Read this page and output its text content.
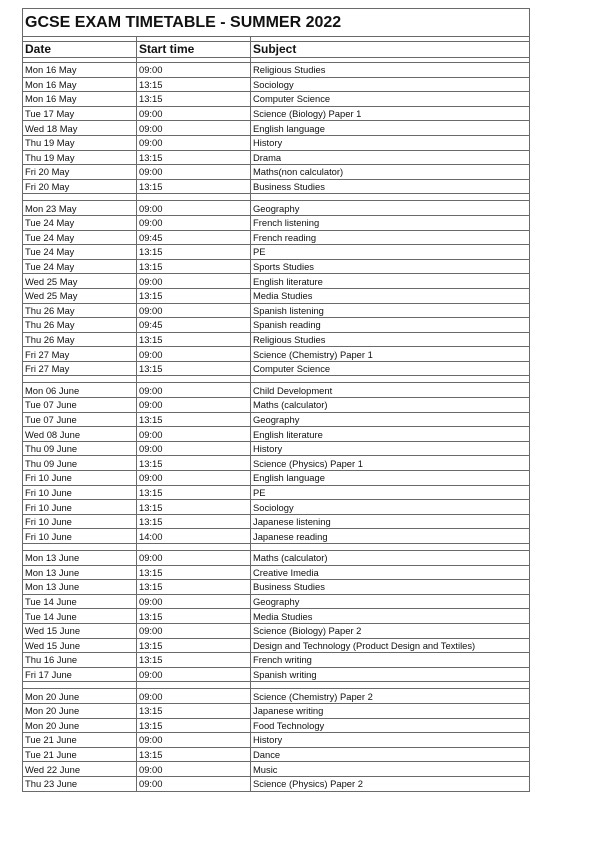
GCSE EXAM TIMETABLE - SUMMER 2022		

Date	Start time	Subject

Mon 16 May	09:00	Religious Studies
Mon 16 May	13:15	Sociology
Mon 16 May	13:15	Computer Science
Tue 17 May	09:00	Science (Biology) Paper 1
Wed 18 May	09:00	English language
Thu 19 May	09:00	History
Thu 19 May	13:15	Drama
Fri 20 May	09:00	Maths(non calculator)
Fri 20 May	13:15	Business Studies

Mon 23 May	09:00	Geography
Tue 24 May	09:00	French listening
Tue 24 May	09:45	French reading
Tue 24 May	13:15	PE
Tue 24 May	13:15	Sports Studies
Wed 25 May	09:00	English literature
Wed 25 May	13:15	Media Studies
Thu 26 May	09:00	Spanish listening
Thu 26 May	09:45	Spanish reading
Thu 26 May	13:15	Religious Studies
Fri 27 May	09:00	Science (Chemistry) Paper 1
Fri 27 May	13:15	Computer Science

Mon 06 June	09:00	Child Development
Tue 07 June	09:00	Maths (calculator)
Tue 07 June	13:15	Geography
Wed 08 June	09:00	English literature
Thu 09 June	09:00	History
Thu 09 June	13:15	Science (Physics) Paper 1
Fri 10 June	09:00	English language
Fri 10 June	13:15	PE
Fri 10 June	13:15	Sociology
Fri 10 June	13:15	Japanese listening
Fri 10 June	14:00	Japanese reading

Mon 13 June	09:00	Maths (calculator)
Mon 13 June	13:15	Creative Imedia
Mon 13 June	13:15	Business Studies
Tue 14 June	09:00	Geography
Tue 14 June	13:15	Media Studies
Wed 15 June	09:00	Science (Biology) Paper 2
Wed 15 June	13:15	Design and Technology (Product Design and Textiles)
Thu 16 June	13:15	French writing
Fri 17 June	09:00	Spanish writing

Mon 20 June	09:00	Science (Chemistry) Paper 2
Mon 20 June	13:15	Japanese writing
Mon 20 June	13:15	Food Technology
Tue 21 June	09:00	History
Tue 21 June	13:15	Dance
Wed 22 June	09:00	Music
Thu 23 June	09:00	Science (Physics) Paper 2
